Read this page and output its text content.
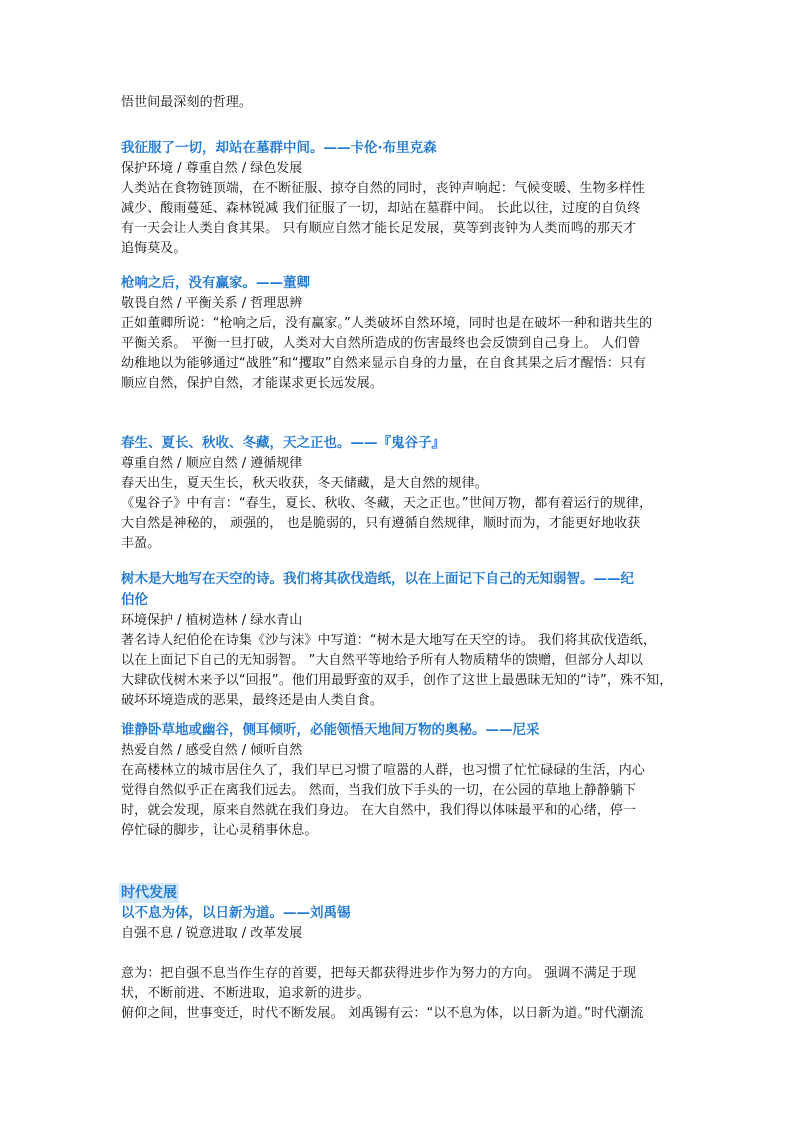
悟世间最深刻的哲理。
我征服了一切，却站在墓群中间。——卡伦·布里克森
保护环境 / 尊重自然 / 绿色发展
人类站在食物链顶端，在不断征服、掠夺自然的同时，丧钟声响起：气候变暖、生物多样性
减少、酸雨蔓延、森林锐减 我们征服了一切，却站在墓群中间。 长此以往，过度的自负终
有一天会让人类自食其果。 只有顺应自然才能长足发展，莫等到丧钟为人类而鸣的那天才
追悔莫及。
枪响之后，没有赢家。——董卿
敬畏自然 / 平衡关系 / 哲理思辨
正如董卿所说：“枪响之后，没有赢家。”人类破坏自然环境，同时也是在破坏一种和谐共生的
平衡关系。 平衡一旦打破，人类对大自然所造成的伤害最终也会反馈到自己身上。 人们曾
幼稚地以为能够通过“战胜”和“攫取”自然来显示自身的力量，在自食其果之后才醒悟：只有
顺应自然，保护自然，才能谋求更长远发展。
春生、夏长、秋收、冬藏，天之正也。——『鬼谷子』
尊重自然 / 顺应自然 / 遵循规律
春天出生，夏天生长，秋天收获，冬天储藏，是大自然的规律。
《鬼谷子》中有言：“春生，夏长、秋收、冬藏，天之正也。”世间万物，都有着运行的规律，
大自然是神秘的， 顽强的， 也是脆弱的，只有遵循自然规律，顺时而为，才能更好地收获
丰盈。
树木是大地写在天空的诗。我们将其砍伐造纸，以在上面记下自己的无知弱智。——纪
伯伦
环境保护 / 植树造林 / 绿水青山
著名诗人纪伯伦在诗集《沙与沫》中写道：“树木是大地写在天空的诗。 我们将其砍伐造纸，
以在上面记下自己的无知弱智。 ”大自然平等地给予所有人物质精华的馈赠，但部分人却以
大肆砍伐树木来予以“回报”。他们用最野蛮的双手，创作了这世上最愚昧无知的“诗”，殊不知，
破坏环境造成的恶果，最终还是由人类自食。
谁静卧草地或幽谷，侧耳倾听，必能领悟天地间万物的奥秘。——尼采
热爱自然 / 感受自然 / 倾听自然
在高楼林立的城市居住久了，我们早已习惯了喧嚣的人群，也习惯了忙忙碌碌的生活，内心
觉得自然似乎正在离我们远去。 然而，当我们放下手头的一切，在公园的草地上静静躺下
时，就会发现，原来自然就在我们身边。 在大自然中，我们得以体味最平和的心绪，停一
停忙碌的脚步，让心灵稍事休息。
时代发展
以不息为体，以日新为道。——刘禹锡
自强不息 / 锐意进取 / 改革发展
意为：把自强不息当作生存的首要，把每天都获得进步作为努力的方向。 强调不满足于现
状，不断前进、不断进取，追求新的进步。
俯仰之间，世事变迁，时代不断发展。 刘禹锡有云：“以不息为体，以日新为道。”时代潮流
